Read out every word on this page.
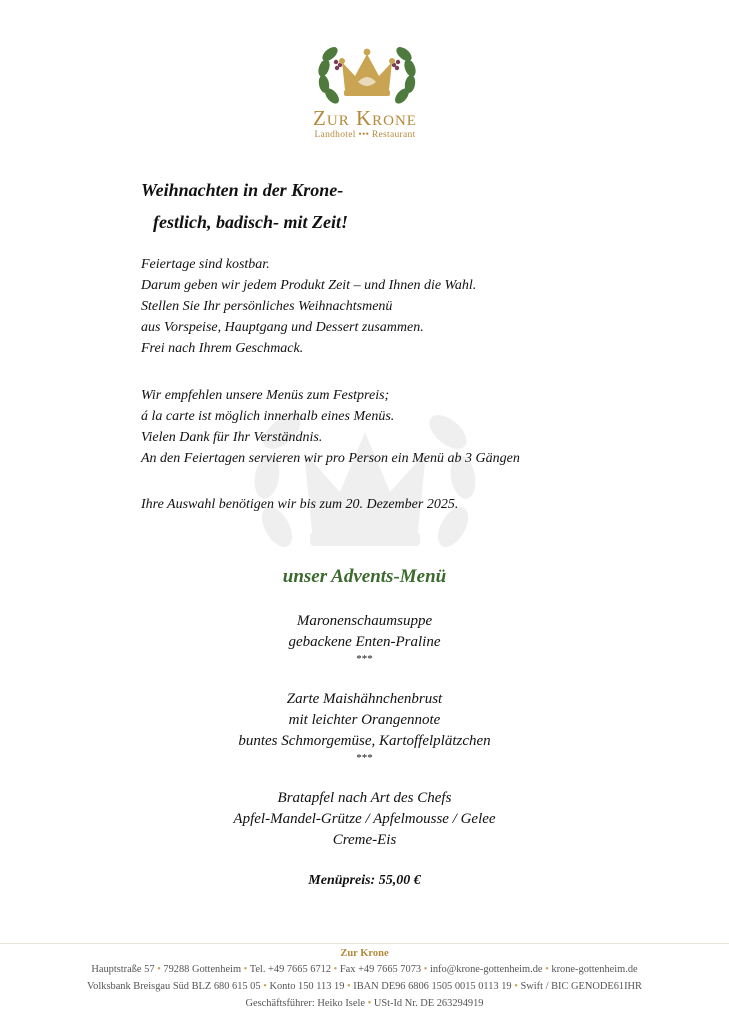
Zur Krone
Landhotel ••• Restaurant
Weihnachten in der Krone-
festlich, badisch- mit Zeit!
Feiertage sind kostbar.
Darum geben wir jedem Produkt Zeit – und Ihnen die Wahl.
Stellen Sie Ihr persönliches Weihnachtsmenü
aus Vorspeise, Hauptgang und Dessert zusammen.
Frei nach Ihrem Geschmack.
Wir empfehlen unsere Menüs zum Festpreis;
á la carte ist möglich innerhalb eines Menüs.
Vielen Dank für Ihr Verständnis.
An den Feiertagen servieren wir pro Person ein Menü ab 3 Gängen
Ihre Auswahl benötigen wir bis zum 20. Dezember 2025.
unser Advents-Menü
Maronenschaumsuppe
gebackene Enten-Praline
***
Zarte Maishähnchenbrust
mit leichter Orangennote
buntes Schmorgemüse, Kartoffelplätzchen
***
Bratapfel nach Art des Chefs
Apfel-Mandel-Grütze / Apfelmousse / Gelee
Creme-Eis
Menüpreis: 55,00 €
Zur Krone
Hauptstraße 57 • 79288 Gottenheim • Tel. +49 7665 6712 • Fax +49 7665 7073 • info@krone-gottenheim.de • krone-gottenheim.de
Volksbank Breisgau Süd BLZ 680 615 05 • Konto 150 113 19 • IBAN DE96 6806 1505 0015 0113 19 • Swift / BIC GENODE61IHR
Geschäftsführer: Heiko Isele • USt-Id Nr. DE 263294919
